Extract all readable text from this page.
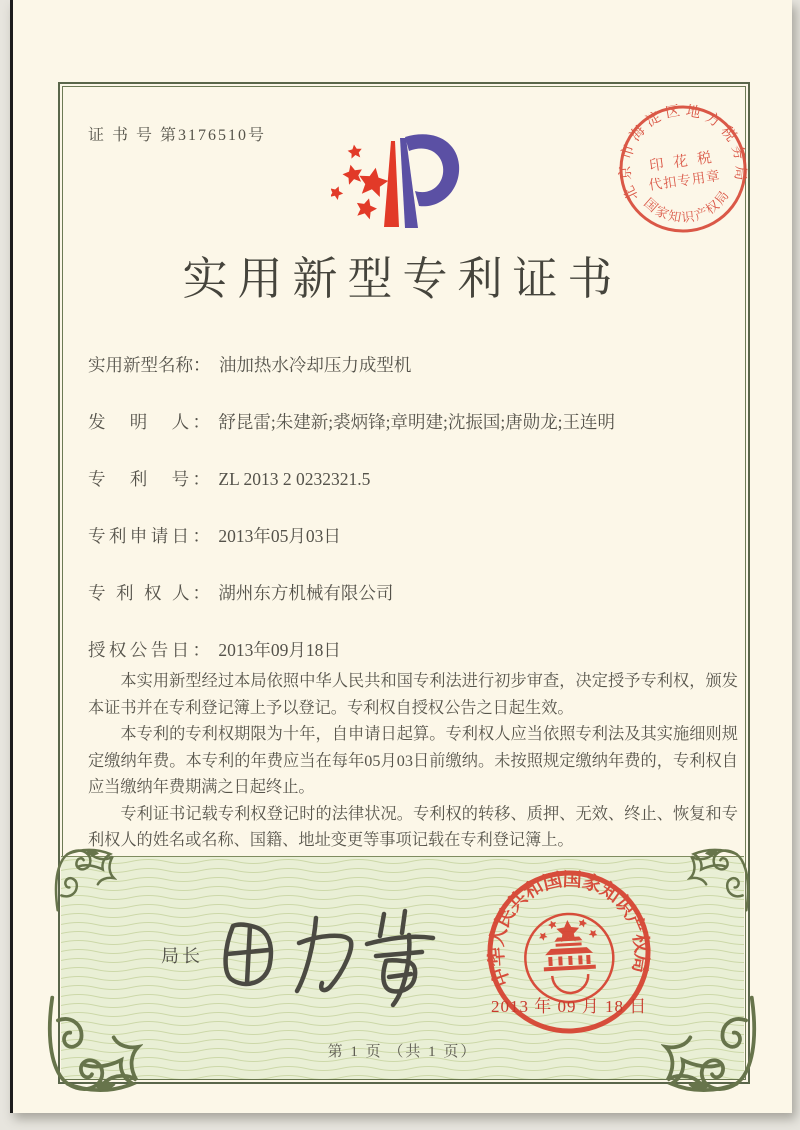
证 书 号 第3176510号
北京市海淀区地方税务局
国家知识产权局
印 花 税
代扣专用章
实用新型专利证书
实用新型名称： 油加热水冷却压力成型机
发　明　人： 舒昆雷;朱建新;裘炳锋;章明建;沈振国;唐勋龙;王连明
专　利　号： ZL 2013 2 0232321.5
专利申请日： 2013年05月03日
专 利 权 人： 湖州东方机械有限公司
授权公告日： 2013年09月18日

本实用新型经过本局依照中华人民共和国专利法进行初步审查，决定授予专利权，颁发本证书并在专利登记簿上予以登记。专利权自授权公告之日起生效。

本专利的专利权期限为十年，自申请日起算。专利权人应当依照专利法及其实施细则规定缴纳年费。本专利的年费应当在每年05月03日前缴纳。未按照规定缴纳年费的，专利权自应当缴纳年费期满之日起终止。

专利证书记载专利权登记时的法律状况。专利权的转移、质押、无效、终止、恢复和专利权人的姓名或名称、国籍、地址变更等事项记载在专利登记簿上。

局长
中华人民共和国国家知识产权局
2013 年 09 月 18 日
第 1 页 （共 1 页）
